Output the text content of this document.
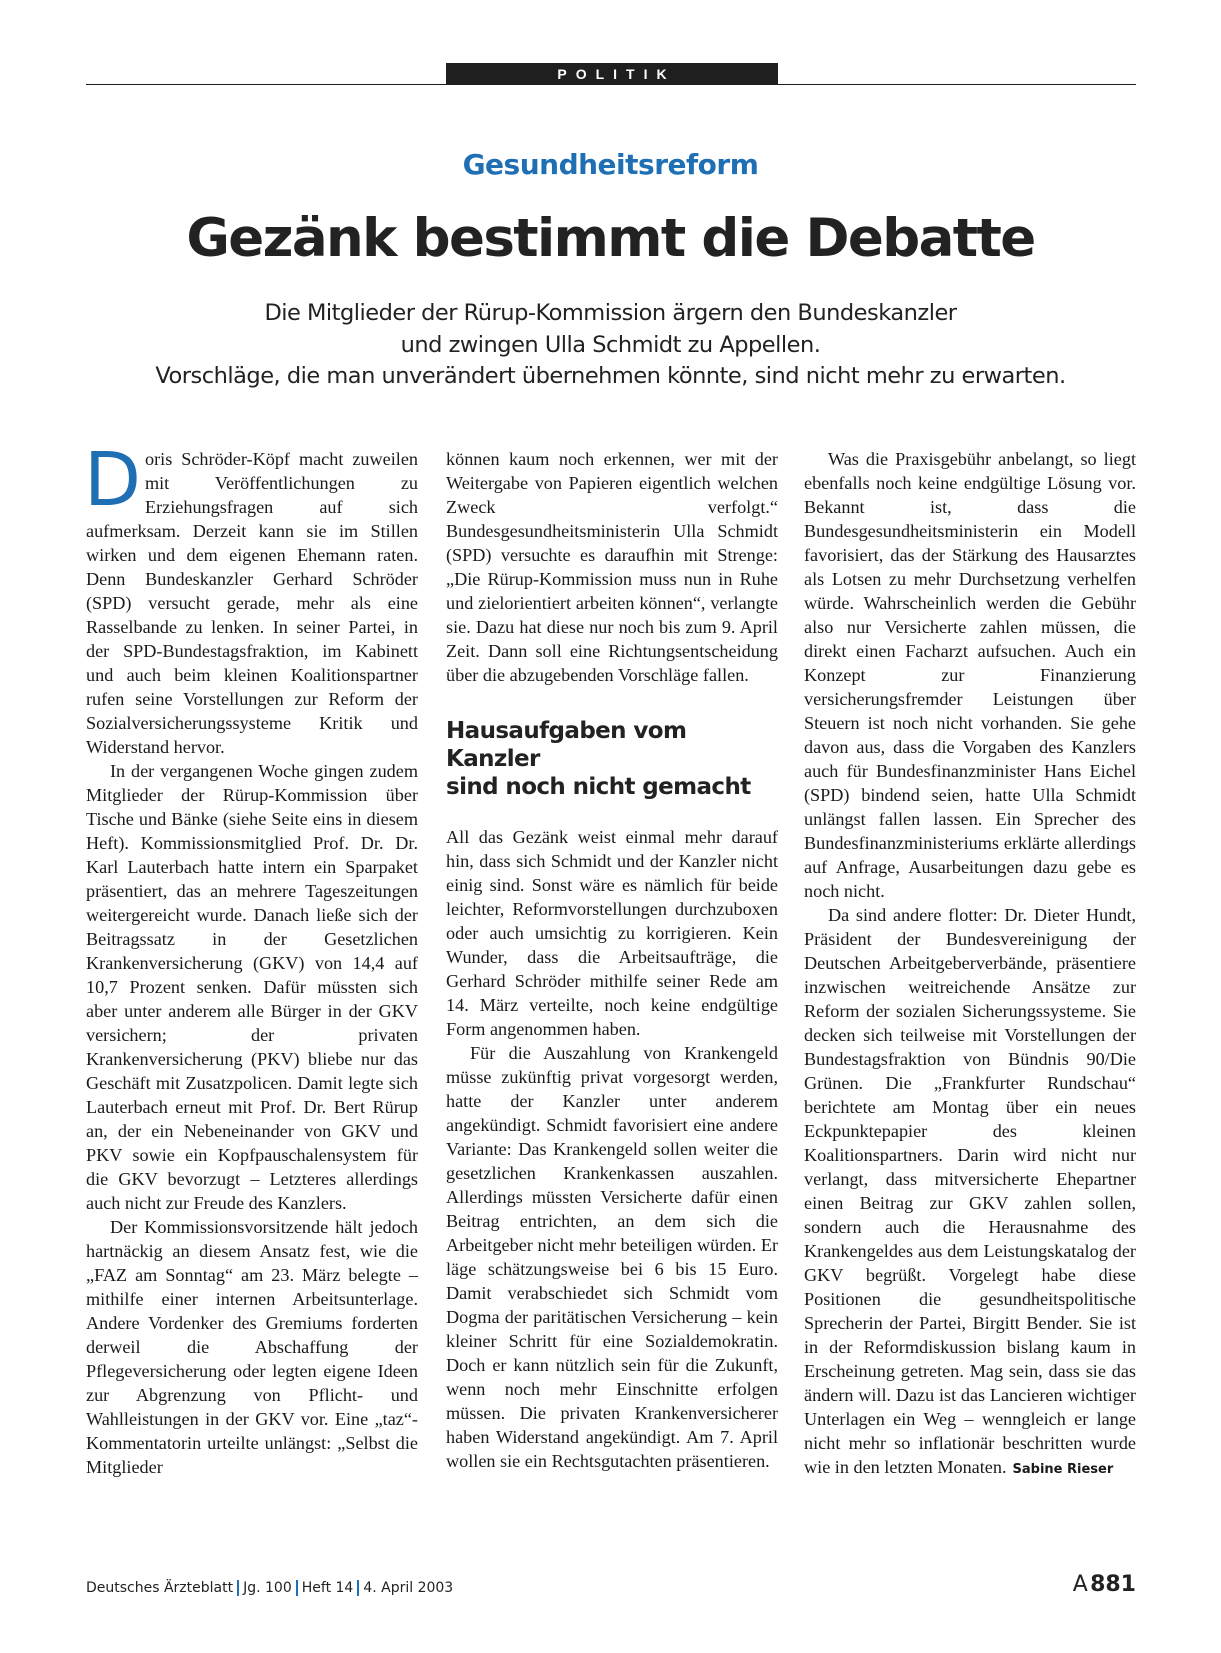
POLITIK
Gesundheitsreform
Gezänk bestimmt die Debatte
Die Mitglieder der Rürup-Kommission ärgern den Bundeskanzler
und zwingen Ulla Schmidt zu Appellen.
Vorschläge, die man unverändert übernehmen könnte, sind nicht mehr zu erwarten.

Doris Schröder-Köpf macht zuweilen mit Veröffentlichungen zu Erziehungsfragen auf sich aufmerksam. Derzeit kann sie im Stillen wirken und dem eigenen Ehemann raten. Denn Bundeskanzler Gerhard Schröder (SPD) versucht gerade, mehr als eine Rasselbande zu lenken. In seiner Partei, in der SPD-Bundestagsfraktion, im Kabinett und auch beim kleinen Koalitionspartner rufen seine Vorstellungen zur Reform der Sozialversicherungssysteme Kritik und Widerstand hervor.

In der vergangenen Woche gingen zudem Mitglieder der Rürup-Kommission über Tische und Bänke (siehe Seite eins in diesem Heft). Kommissionsmitglied Prof. Dr. Dr. Karl Lauterbach hatte intern ein Sparpaket präsentiert, das an mehrere Tageszeitungen weitergereicht wurde. Danach ließe sich der Beitragssatz in der Gesetzlichen Krankenversicherung (GKV) von 14,4 auf 10,7 Prozent senken. Dafür müssten sich aber unter anderem alle Bürger in der GKV versichern; der privaten Krankenversicherung (PKV) bliebe nur das Geschäft mit Zusatzpolicen. Damit legte sich Lauterbach erneut mit Prof. Dr. Bert Rürup an, der ein Nebeneinander von GKV und PKV sowie ein Kopfpauschalensystem für die GKV bevorzugt – Letzteres allerdings auch nicht zur Freude des Kanzlers.

Der Kommissionsvorsitzende hält jedoch hartnäckig an diesem Ansatz fest, wie die „FAZ am Sonntag“ am 23. März belegte – mithilfe einer internen Arbeitsunterlage. Andere Vordenker des Gremiums forderten derweil die Abschaffung der Pflegeversicherung oder legten eigene Ideen zur Abgrenzung von Pflicht- und Wahlleistungen in der GKV vor. Eine „taz“-Kommentatorin urteilte unlängst: „Selbst die Mitglieder

können kaum noch erkennen, wer mit der Weitergabe von Papieren eigentlich welchen Zweck verfolgt.“ Bundesgesundheitsministerin Ulla Schmidt (SPD) versuchte es daraufhin mit Strenge: „Die Rürup-Kommission muss nun in Ruhe und zielorientiert arbeiten können“, verlangte sie. Dazu hat diese nur noch bis zum 9. April Zeit. Dann soll eine Richtungsentscheidung über die abzugebenden Vorschläge fallen.

Hausaufgaben vom Kanzler
sind noch nicht gemacht

All das Gezänk weist einmal mehr darauf hin, dass sich Schmidt und der Kanzler nicht einig sind. Sonst wäre es nämlich für beide leichter, Reformvorstellungen durchzuboxen oder auch umsichtig zu korrigieren. Kein Wunder, dass die Arbeitsaufträge, die Gerhard Schröder mithilfe seiner Rede am 14. März verteilte, noch keine endgültige Form angenommen haben.

Für die Auszahlung von Krankengeld müsse zukünftig privat vorgesorgt werden, hatte der Kanzler unter anderem angekündigt. Schmidt favorisiert eine andere Variante: Das Krankengeld sollen weiter die gesetzlichen Krankenkassen auszahlen. Allerdings müssten Versicherte dafür einen Beitrag entrichten, an dem sich die Arbeitgeber nicht mehr beteiligen würden. Er läge schätzungsweise bei 6 bis 15 Euro. Damit verabschiedet sich Schmidt vom Dogma der paritätischen Versicherung – kein kleiner Schritt für eine Sozialdemokratin. Doch er kann nützlich sein für die Zukunft, wenn noch mehr Einschnitte erfolgen müssen. Die privaten Krankenversicherer haben Widerstand angekündigt. Am 7. April wollen sie ein Rechtsgutachten präsentieren.

Was die Praxisgebühr anbelangt, so liegt ebenfalls noch keine endgültige Lösung vor. Bekannt ist, dass die Bundesgesundheitsministerin ein Modell favorisiert, das der Stärkung des Hausarztes als Lotsen zu mehr Durchsetzung verhelfen würde. Wahrscheinlich werden die Gebühr also nur Versicherte zahlen müssen, die direkt einen Facharzt aufsuchen. Auch ein Konzept zur Finanzierung versicherungsfremder Leistungen über Steuern ist noch nicht vorhanden. Sie gehe davon aus, dass die Vorgaben des Kanzlers auch für Bundesfinanzminister Hans Eichel (SPD) bindend seien, hatte Ulla Schmidt unlängst fallen lassen. Ein Sprecher des Bundesfinanzministeriums erklärte allerdings auf Anfrage, Ausarbeitungen dazu gebe es noch nicht.

Da sind andere flotter: Dr. Dieter Hundt, Präsident der Bundesvereinigung der Deutschen Arbeitgeberverbände, präsentiere inzwischen weitreichende Ansätze zur Reform der sozialen Sicherungssysteme. Sie decken sich teilweise mit Vorstellungen der Bundestagsfraktion von Bündnis 90/Die Grünen. Die „Frankfurter Rundschau“ berichtete am Montag über ein neues Eckpunktepapier des kleinen Koalitionspartners. Darin wird nicht nur verlangt, dass mitversicherte Ehepartner einen Beitrag zur GKV zahlen sollen, sondern auch die Herausnahme des Krankengeldes aus dem Leistungskatalog der GKV begrüßt. Vorgelegt habe diese Positionen die gesundheitspolitische Sprecherin der Partei, Birgitt Bender. Sie ist in der Reformdiskussion bislang kaum in Erscheinung getreten. Mag sein, dass sie das ändern will. Dazu ist das Lancieren wichtiger Unterlagen ein Weg – wenngleich er lange nicht mehr so inflationär beschritten wurde wie in den letzten Monaten. Sabine Rieser

Deutsches Ärzteblatt Jg. 100 Heft 14 4. April 2003	A  881
